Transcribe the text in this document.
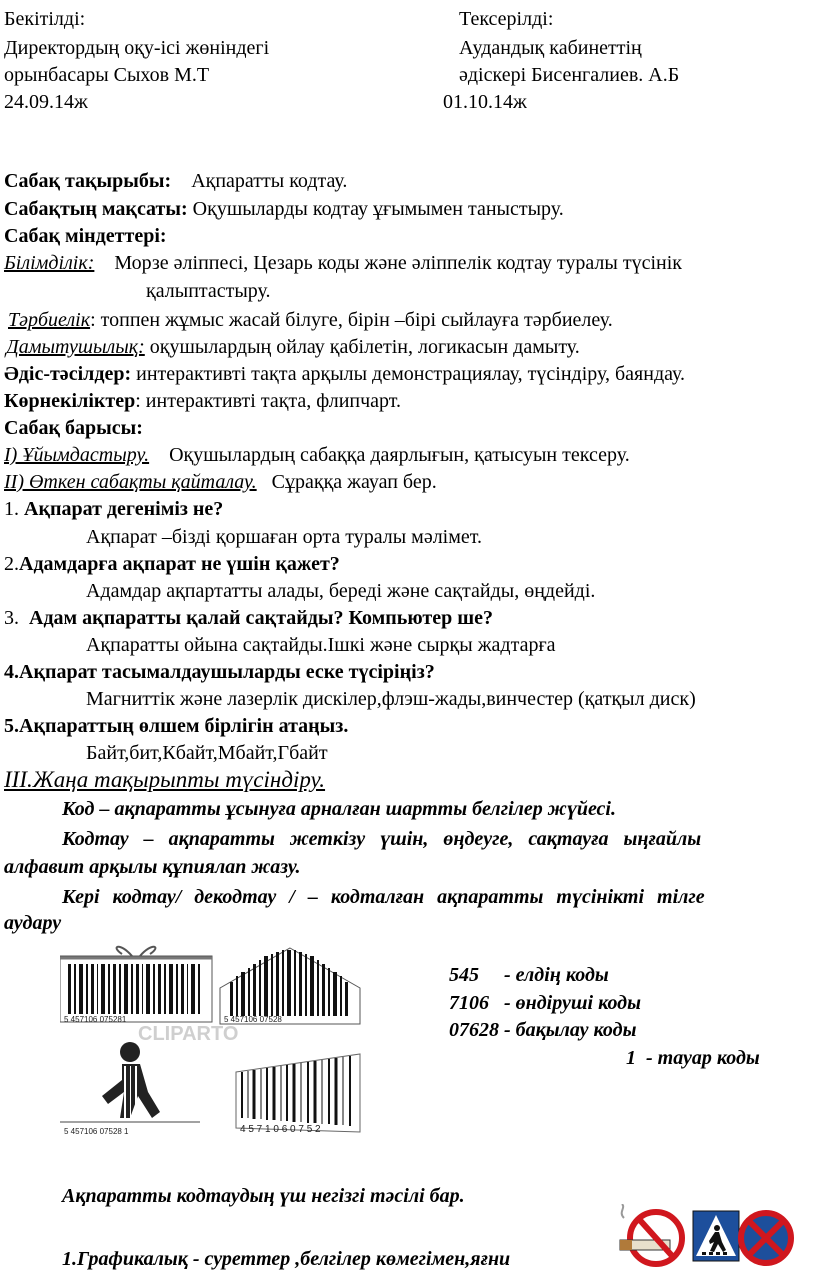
Бекітілді:
Директордың оқу-ісі жөніндегі
орынбасары Сыхов М.Т
24.09.14ж
Тексерілді:
Аудандық кабинеттің
әдіскері Бисенгалиев. А.Б
01.10.14ж
Сабақ тақырыбы: Ақпаратты кодтау.
Сабақтың мақсаты: Оқушыларды кодтау ұғымымен таныстыру.
Сабақ міндеттері:
Білімділік: Морзе әліппесі, Цезарь коды және әліппелік кодтау туралы түсінік
қалыптастыру.
Тәрбиелік: топпен жұмыс жасай білуге, бірін –бірі сыйлауға тәрбиелеу.
Дамытушылық: оқушылардың ойлау қабілетін, логикасын дамыту.
Әдіс-тәсілдер: интерактивті тақта арқылы демонстрациялау, түсіндіру, баяндау.
Көрнекіліктер: интерактивті тақта, флипчарт.
Сабақ барысы:
І) Ұйымдастыру. Оқушылардың сабаққа даярлығын, қатысуын тексеру.
ІІ) Өткен сабақты қайталау. Сұраққа жауап бер.
1. Ақпарат дегеніміз не?
Ақпарат –бізді қоршаған орта туралы мәлімет.
2.Адамдарға ақпарат не үшін қажет?
Адамдар ақпартатты алады, береді және сақтайды, өңдейді.
3. Адам ақпаратты қалай сақтайды? Компьютер ше?
Ақпаратты ойына сақтайды.Ішкі және сырқы жадтарға
4.Ақпарат тасымалдаушыларды еске түсіріңіз?
Магниттік және лазерлік дискілер,флэш-жады,винчестер (қатқыл диск)
5.Ақпараттың өлшем бірлігін атаңыз.
Байт,бит,Кбайт,Мбайт,Гбайт
ІІІ.Жаңа тақырыпты түсіндіру.
Код – ақпаратты ұсынуға арналған шартты белгілер жүйесі.
Кодтау – ақпаратты жеткізу үшін, өңдеуге, сақтауға ыңғайлы
алфавит арқылы құпиялап жазу.
Кері кодтау/ декодтау / – кодталған ақпаратты түсінікті тілге
аудару
5 457106 075281	5 457106 07528
CLIPARTO
5 457106 07528 1	4 5 7 1 0 6 0 7 5 2
545 - елдің коды
7106 - өндіруші коды
07628 - бақылау коды
1 - тауар коды
Ақпаратты кодтаудың үш негізгі тәсілі бар.
1.Графикалық - суреттер ,белгілер көмегімен,яғни
